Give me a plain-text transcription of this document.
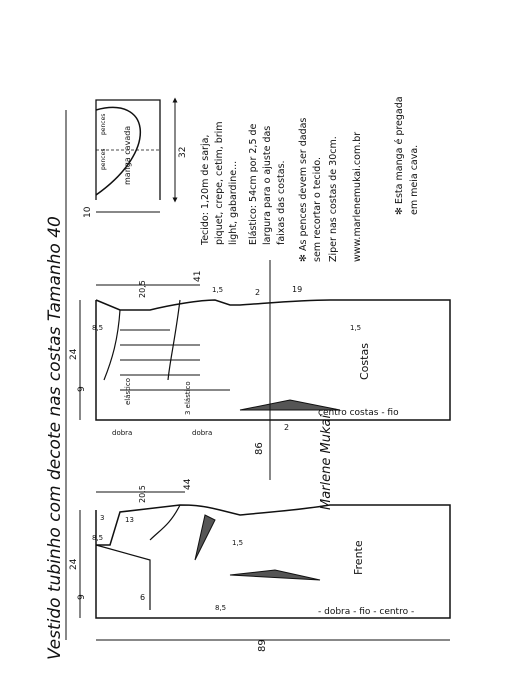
Vestido tubinho com decote nas costas Tamanho 40
manga cavada
pences
pences	32
10	Tecido: 1,20m de sarja, piquet, crepe, cetim, brim light, gabardine... Elástico: 54cm por 2,5 de largura para o ajuste das faixas das costas. ✻ As pences devem ser dadas sem recortar o tecido. Ziper nas costas de 30cm. www.marlenemukai.com.br	✻ Esta manga é pregada em meia cava.
elástico	3 elástico
dobra	dobra
Costas
centro costas - fio
41
20,5
24
9
2	19
2
1,5
1,5
8,5
Frente
- dobra - fio - centro -
44
20,5
24
9
8,5
6
3	13
8,5
1,5
89
86	Marlene Mukai
